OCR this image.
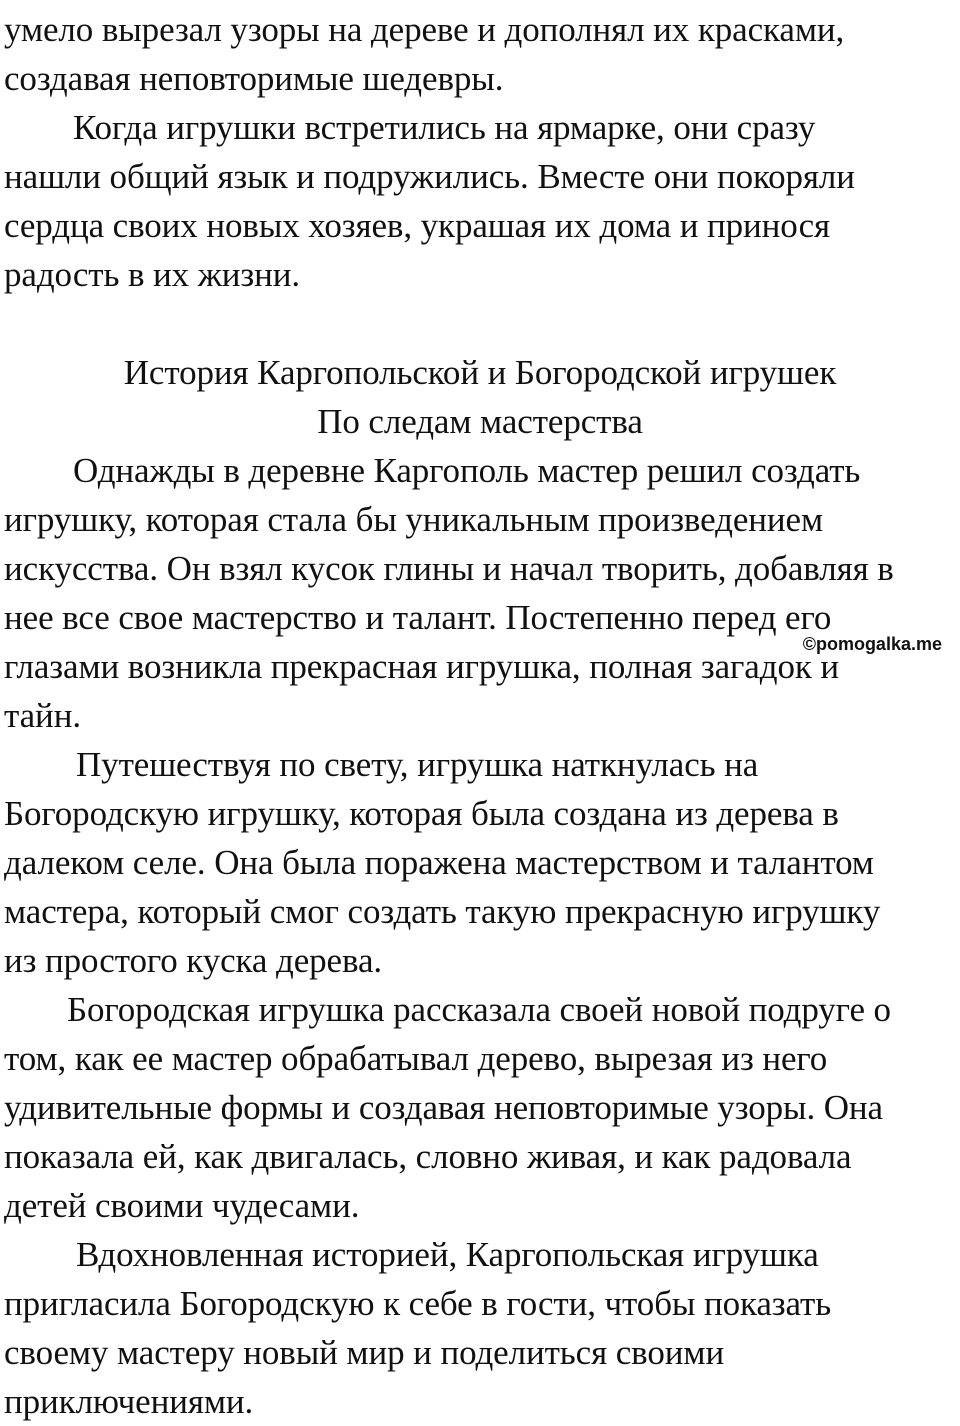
умело вырезал узоры на дереве и дополнял их красками,
создавая неповторимые шедевры.
Когда игрушки встретились на ярмарке, они сразу
нашли общий язык и подружились. Вместе они покоряли
сердца своих новых хозяев, украшая их дома и принося
радость в их жизни.
История Каргопольской и Богородской игрушек
По следам мастерства
Однажды в деревне Каргополь мастер решил создать
игрушку, которая стала бы уникальным произведением
искусства. Он взял кусок глины и начал творить, добавляя в
нее все свое мастерство и талант. Постепенно перед его
глазами возникла прекрасная игрушка, полная загадок и
тайн.
Путешествуя по свету, игрушка наткнулась на
Богородскую игрушку, которая была создана из дерева в
далеком селе. Она была поражена мастерством и талантом
мастера, который смог создать такую прекрасную игрушку
из простого куска дерева.
Богородская игрушка рассказала своей новой подруге о
том, как ее мастер обрабатывал дерево, вырезая из него
удивительные формы и создавая неповторимые узоры. Она
показала ей, как двигалась, словно живая, и как радовала
детей своими чудесами.
Вдохновленная историей, Каргопольская игрушка
пригласила Богородскую к себе в гости, чтобы показать
своему мастеру новый мир и поделиться своими
приключениями.
©pomogalka.me
